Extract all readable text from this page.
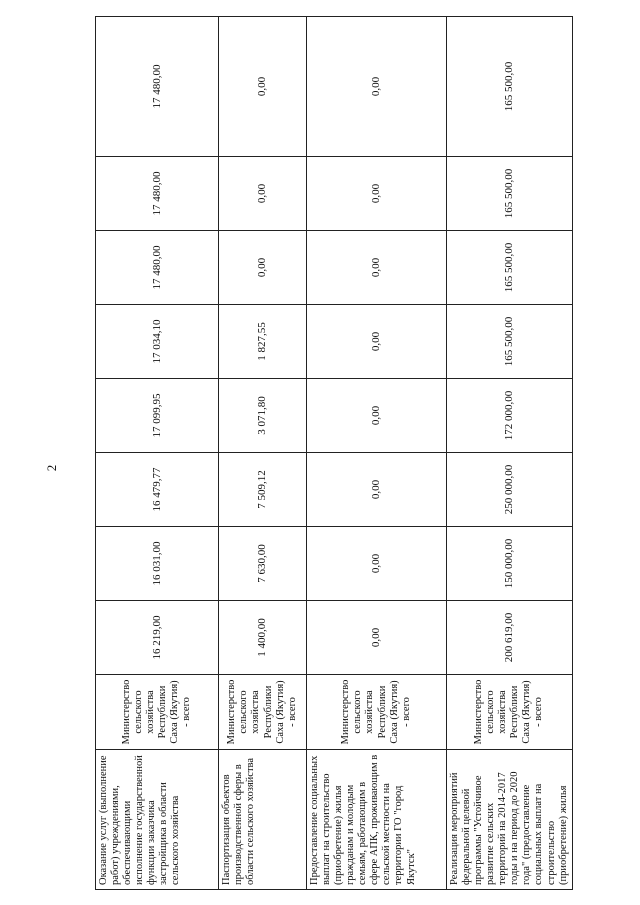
2
Оказание услуг (выполнение работ) учреждениями, обеспечивающими исполнение государственной функции заказчика застройщика в области сельского хозяйства	Министерство сельского хозяйства Республики Саха (Якутия) - всего	16 219,00	16 031,00	16 479,77	17 099,95	17 034,10	17 480,00	17 480,00	17 480,00
Паспортизация объектов производственной сферы в области сельского хозяйства	Министерство сельского хозяйства Республики Саха (Якутия) - всего	1 400,00	7 630,00	7 509,12	3 071,80	1 827,55	0,00	0,00	0,00
Предоставление социальных выплат на строительство (приобретение) жилья гражданам и молодым семьям, работающим в сфере АПК, проживающим в сельской местности на территории ГО "город Якутск"	Министерство сельского хозяйства Республики Саха (Якутия) - всего	0,00	0,00	0,00	0,00	0,00	0,00	0,00	0,00
Реализация мероприятий федеральной целевой программы "Устойчивое развитие сельских территорий на 2014-2017 годы и на период до 2020 года" (предоставление социальных выплат на строительство (приобретение) жилья	Министерство сельского хозяйства Республики Саха (Якутия) - всего	200 619,00	150 000,00	250 000,00	172 000,00	165 500,00	165 500,00	165 500,00	165 500,00
